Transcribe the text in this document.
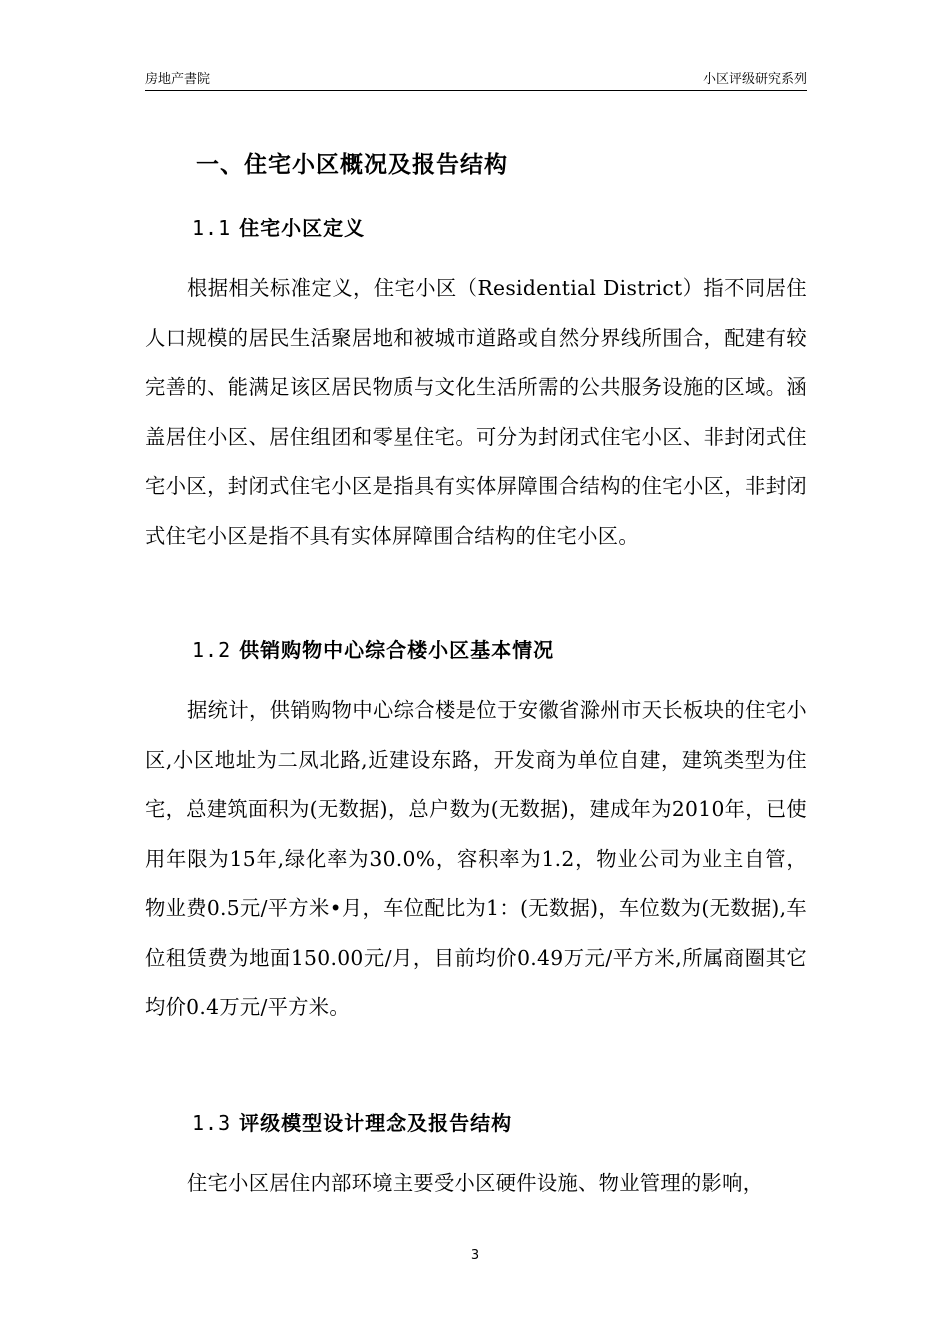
房地产書院	小区评级研究系列
一、住宅小区概况及报告结构
1.1 住宅小区定义
根据相关标准定义，住宅小区（Residential District）指不同居住人口规模的居民生活聚居地和被城市道路或自然分界线所围合，配建有较完善的、能满足该区居民物质与文化生活所需的公共服务设施的区域。涵盖居住小区、居住组团和零星住宅。可分为封闭式住宅小区、非封闭式住宅小区，封闭式住宅小区是指具有实体屏障围合结构的住宅小区，非封闭式住宅小区是指不具有实体屏障围合结构的住宅小区。
1.2 供销购物中心综合楼小区基本情况
据统计，供销购物中心综合楼是位于安徽省滁州市天长板块的住宅小区,小区地址为二凤北路,近建设东路，开发商为单位自建，建筑类型为住宅，总建筑面积为(无数据)，总户数为(无数据)，建成年为2010年，已使用年限为15年,绿化率为30.0%，容积率为1.2，物业公司为业主自管，物业费0.5元/平方米•月，车位配比为1：(无数据)，车位数为(无数据),车位租赁费为地面150.00元/月，目前均价0.49万元/平方米,所属商圈其它均价0.4万元/平方米。
1.3 评级模型设计理念及报告结构
住宅小区居住内部环境主要受小区硬件设施、物业管理的影响，
3
